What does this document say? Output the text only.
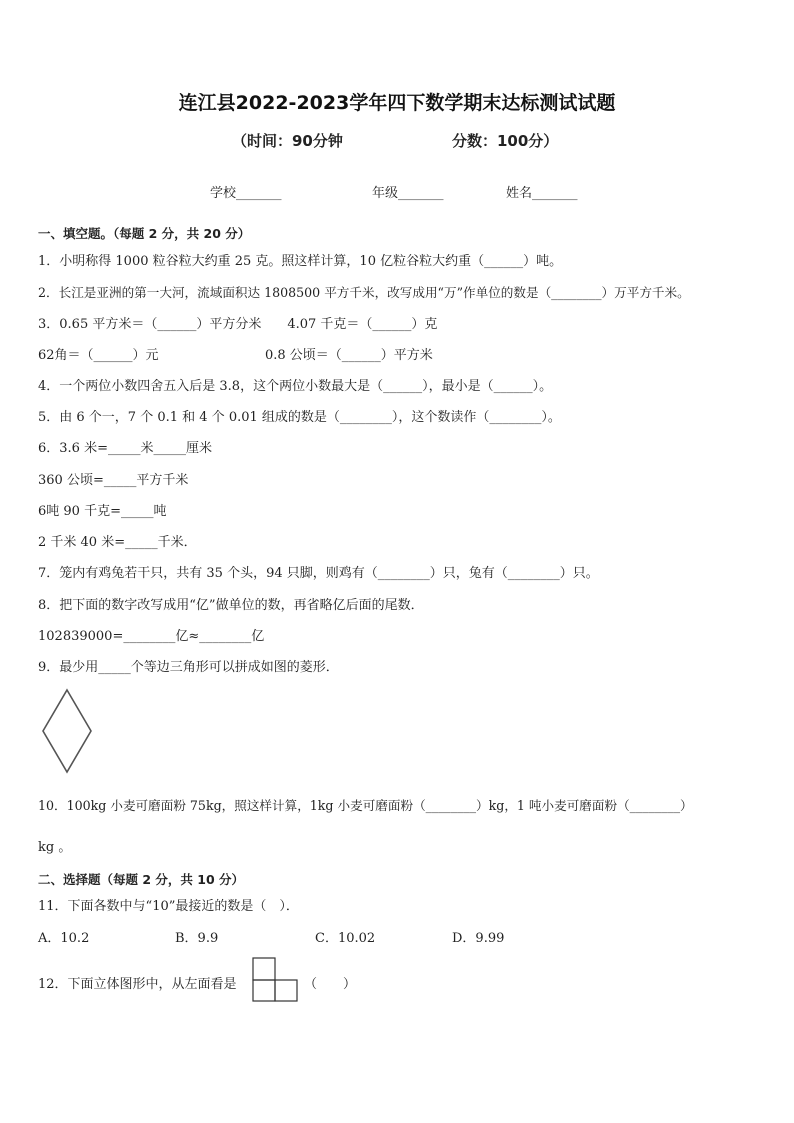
连江县2022-2023学年四下数学期末达标测试试题
（时间：90分钟	分数：100分）
学校_______	年级_______	姓名_______
一、填空题。（每题 2 分，共 20 分）
1．小明称得 1000 粒谷粒大约重 25 克。照这样计算，10 亿粒谷粒大约重（______）吨。
2．长江是亚洲的第一大河，流域面积达 1808500 平方千米，改写成用“万”作单位的数是（________）万平方千米。
3．0.65 平方米＝（______）平方分米　　4.07 千克＝（______）克
62角＝（______）元	0.8 公顷＝（______）平方米
4．一个两位小数四舍五入后是 3.8，这个两位小数最大是（______），最小是（______）。
5．由 6 个一，7 个 0.1 和 4 个 0.01 组成的数是（________），这个数读作（________）。
6．3.6 米=_____米_____厘米
360 公顷=_____平方千米
6吨 90 千克=_____吨
2 千米 40 米=_____千米．
7．笼内有鸡兔若干只，共有 35 个头，94 只脚，则鸡有（________）只，兔有（________）只。
8．把下面的数字改写成用“亿”做单位的数，再省略亿后面的尾数．
102839000=________亿≈________亿
9．最少用_____个等边三角形可以拼成如图的菱形．
10．100kg 小麦可磨面粉 75kg，照这样计算，1kg 小麦可磨面粉（________）kg，1 吨小麦可磨面粉（________）
kg 。
二、选择题（每题 2 分，共 10 分）
11．下面各数中与“10”最接近的数是（　）．
A．10.2	B．9.9	C．10.02	D．9.99
12．下面立体图形中，从左面看是	（　　）
